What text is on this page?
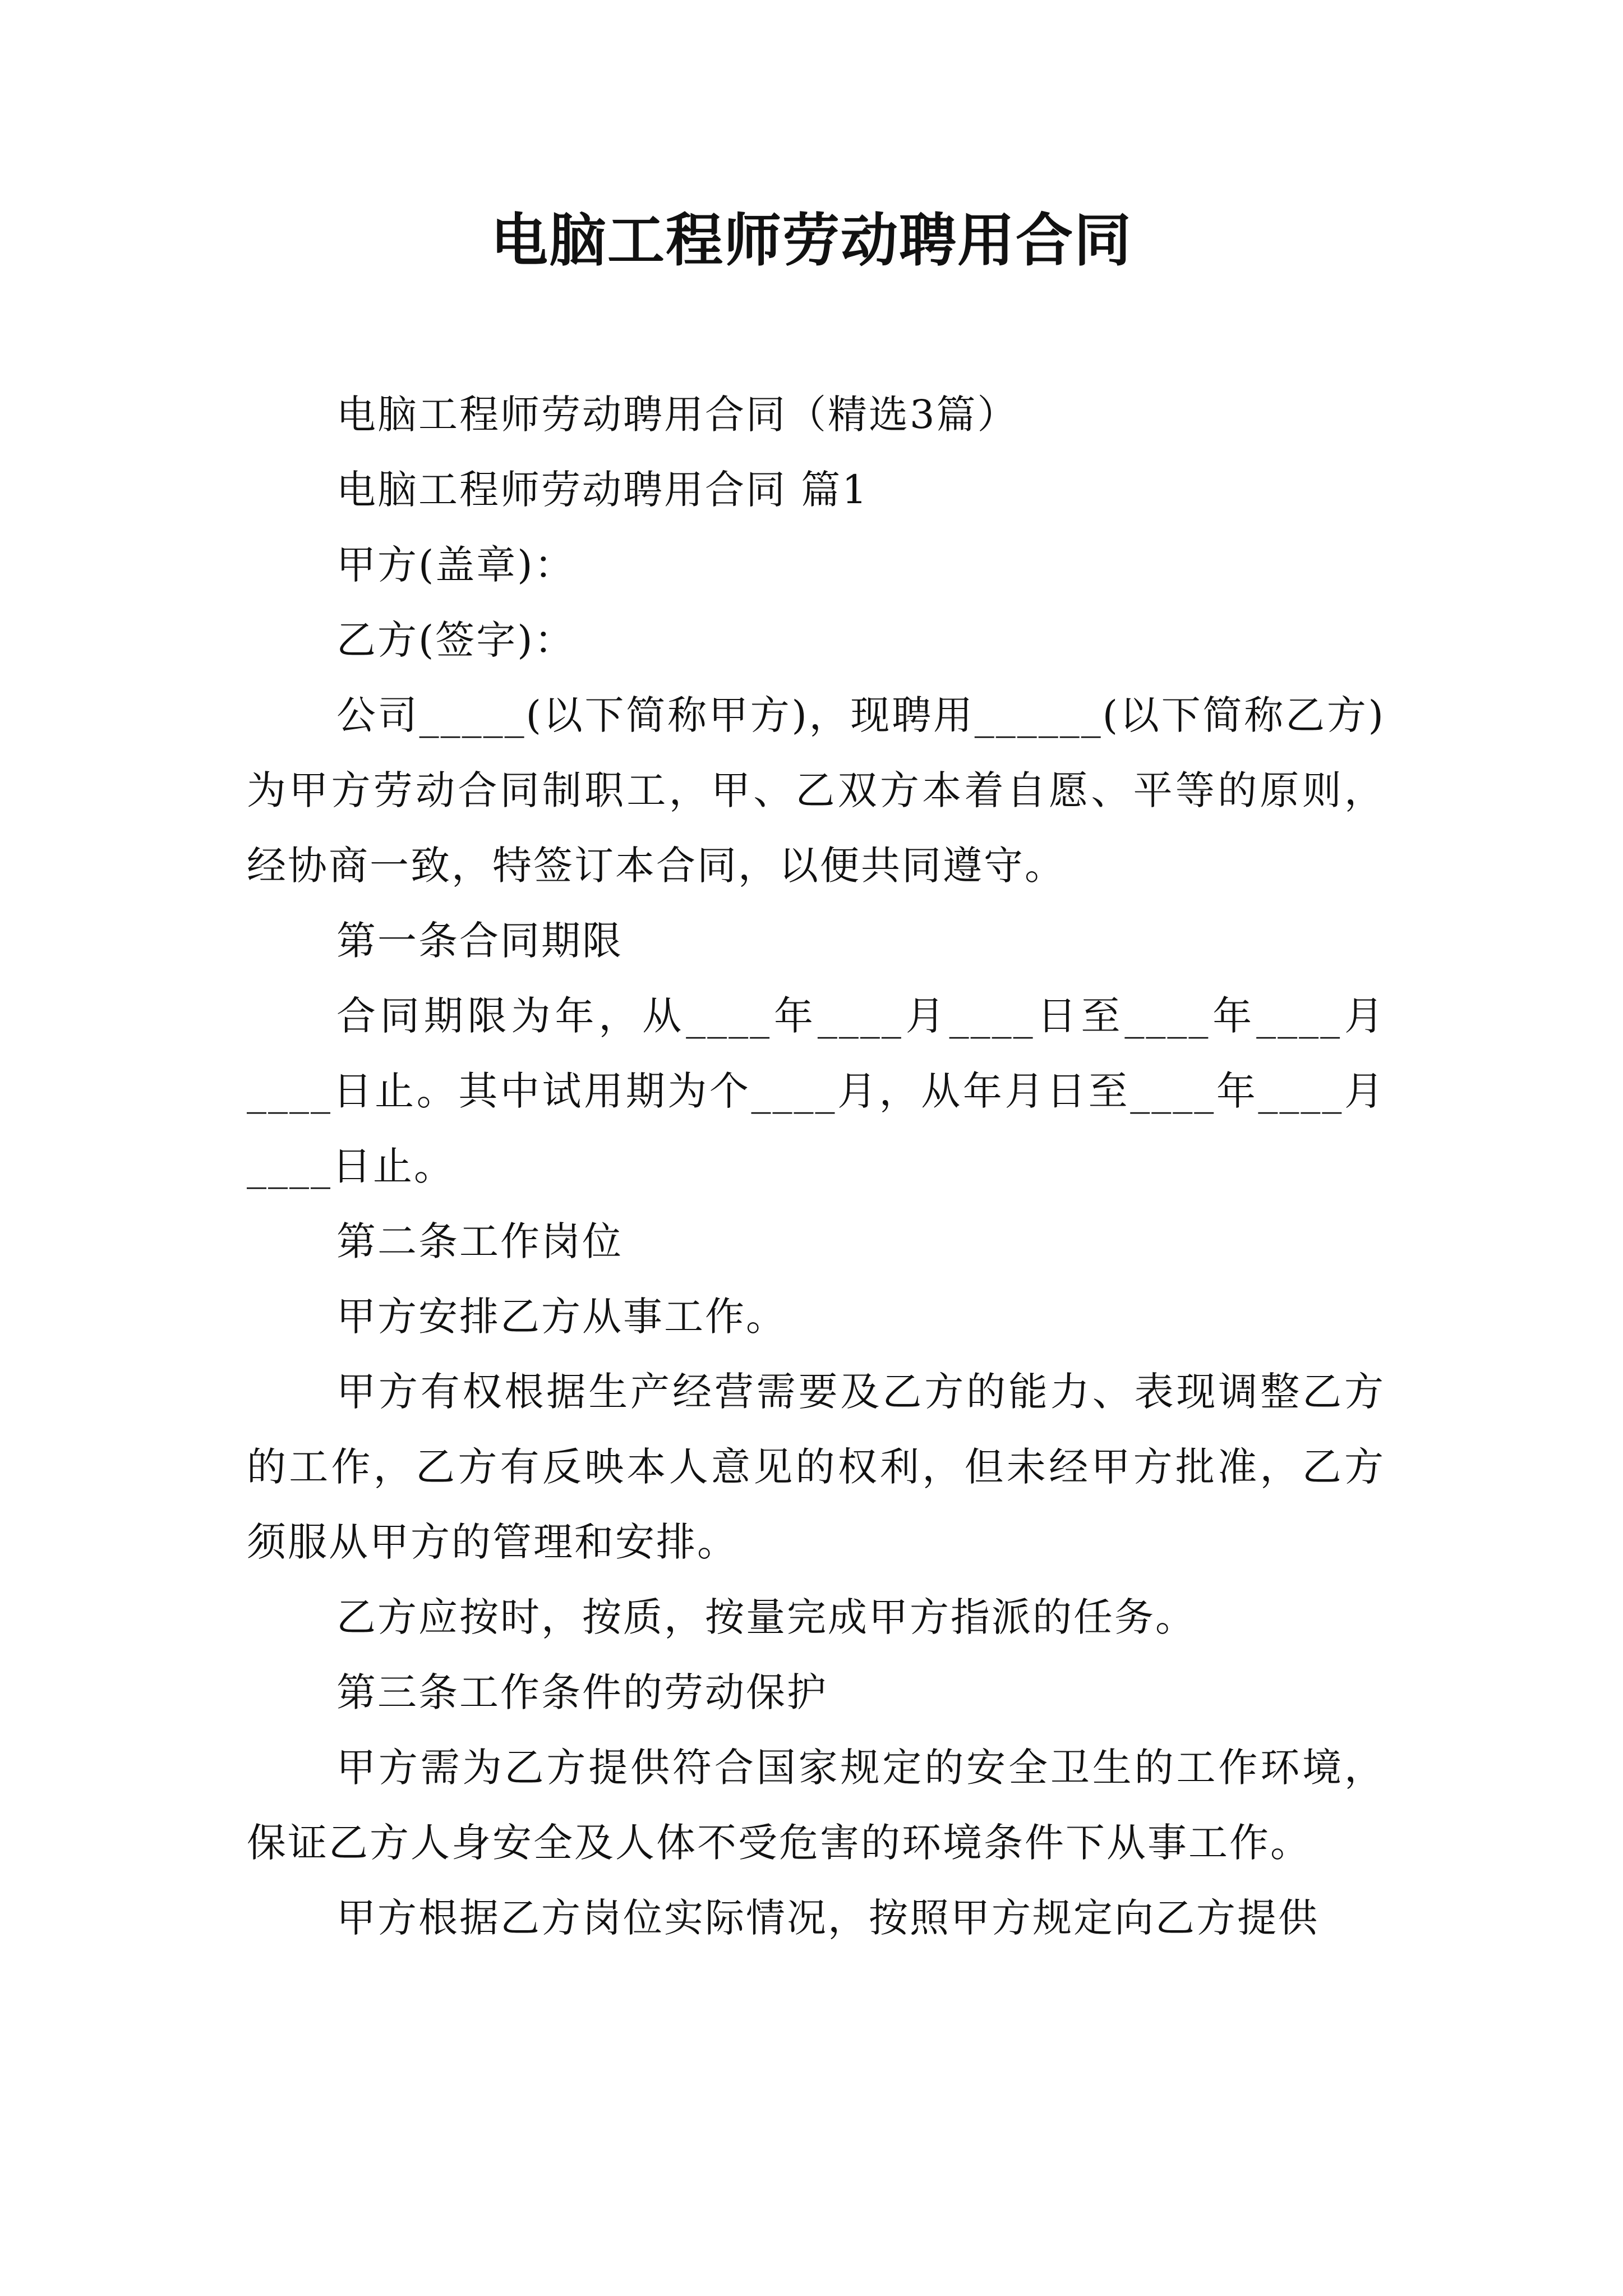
电脑工程师劳动聘用合同

电脑工程师劳动聘用合同（精选3篇）

电脑工程师劳动聘用合同 篇1

甲方(盖章)：

乙方(签字)：

公司_____(以下简称甲方)，现聘用______(以下简称乙方)为甲方劳动合同制职工，甲、乙双方本着自愿、平等的原则，经协商一致，特签订本合同，以便共同遵守。

第一条合同期限

合同期限为年，从____年____月____日至____年____月____日止。其中试用期为个____月，从年月日至____年____月____日止。

第二条工作岗位

甲方安排乙方从事工作。

甲方有权根据生产经营需要及乙方的能力、表现调整乙方的工作，乙方有反映本人意见的权利，但未经甲方批准，乙方须服从甲方的管理和安排。

乙方应按时，按质，按量完成甲方指派的任务。

第三条工作条件的劳动保护

甲方需为乙方提供符合国家规定的安全卫生的工作环境，保证乙方人身安全及人体不受危害的环境条件下从事工作。

甲方根据乙方岗位实际情况，按照甲方规定向乙方提供
